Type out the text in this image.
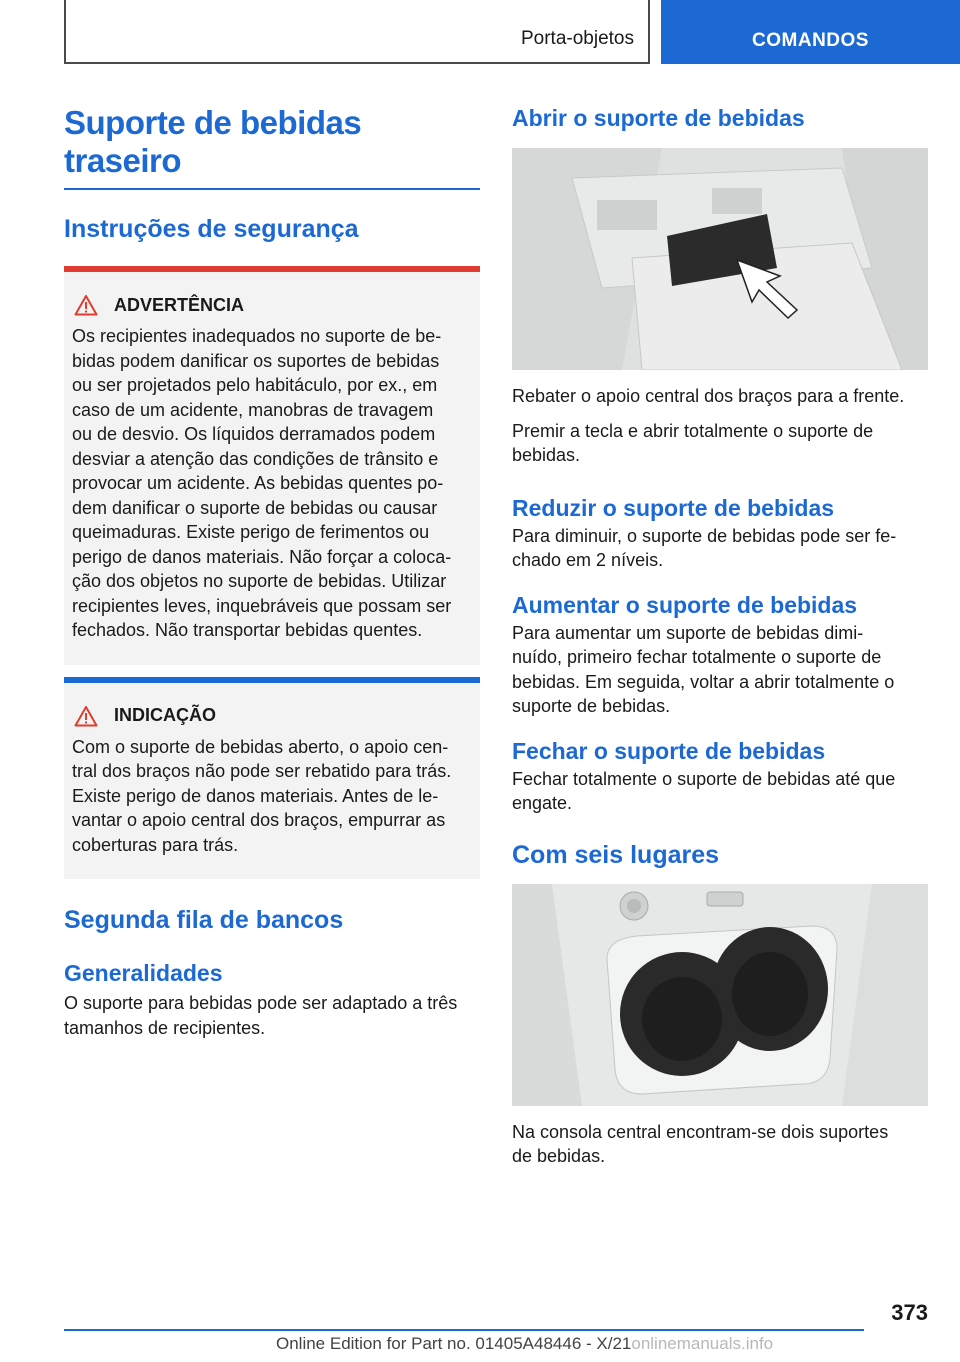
Porta-objetos	COMANDOS
Suporte de bebidas
traseiro
Instruções de segurança
ADVERTÊNCIA
Os recipientes inadequados no suporte de be-
bidas podem danificar os suportes de bebidas
ou ser projetados pelo habitáculo, por ex., em
caso de um acidente, manobras de travagem
ou de desvio. Os líquidos derramados podem
desviar a atenção das condições de trânsito e
provocar um acidente. As bebidas quentes po-
dem danificar o suporte de bebidas ou causar
queimaduras. Existe perigo de ferimentos ou
perigo de danos materiais. Não forçar a coloca-
ção dos objetos no suporte de bebidas. Utilizar
recipientes leves, inquebráveis que possam ser
fechados. Não transportar bebidas quentes.
INDICAÇÃO
Com o suporte de bebidas aberto, o apoio cen-
tral dos braços não pode ser rebatido para trás.
Existe perigo de danos materiais. Antes de le-
vantar o apoio central dos braços, empurrar as
coberturas para trás.
Segunda fila de bancos
Generalidades
O suporte para bebidas pode ser adaptado a três
tamanhos de recipientes.
Abrir o suporte de bebidas
Rebater o apoio central dos braços para a frente.
Premir a tecla e abrir totalmente o suporte de
bebidas.
Reduzir o suporte de bebidas
Para diminuir, o suporte de bebidas pode ser fe-
chado em 2 níveis.
Aumentar o suporte de bebidas
Para aumentar um suporte de bebidas dimi-
nuído, primeiro fechar totalmente o suporte de
bebidas. Em seguida, voltar a abrir totalmente o
suporte de bebidas.
Fechar o suporte de bebidas
Fechar totalmente o suporte de bebidas até que
engate.
Com seis lugares
Na consola central encontram-se dois suportes
de bebidas.
373
Online Edition for Part no. 01405A48446 - X/21onlinemanuals.info
